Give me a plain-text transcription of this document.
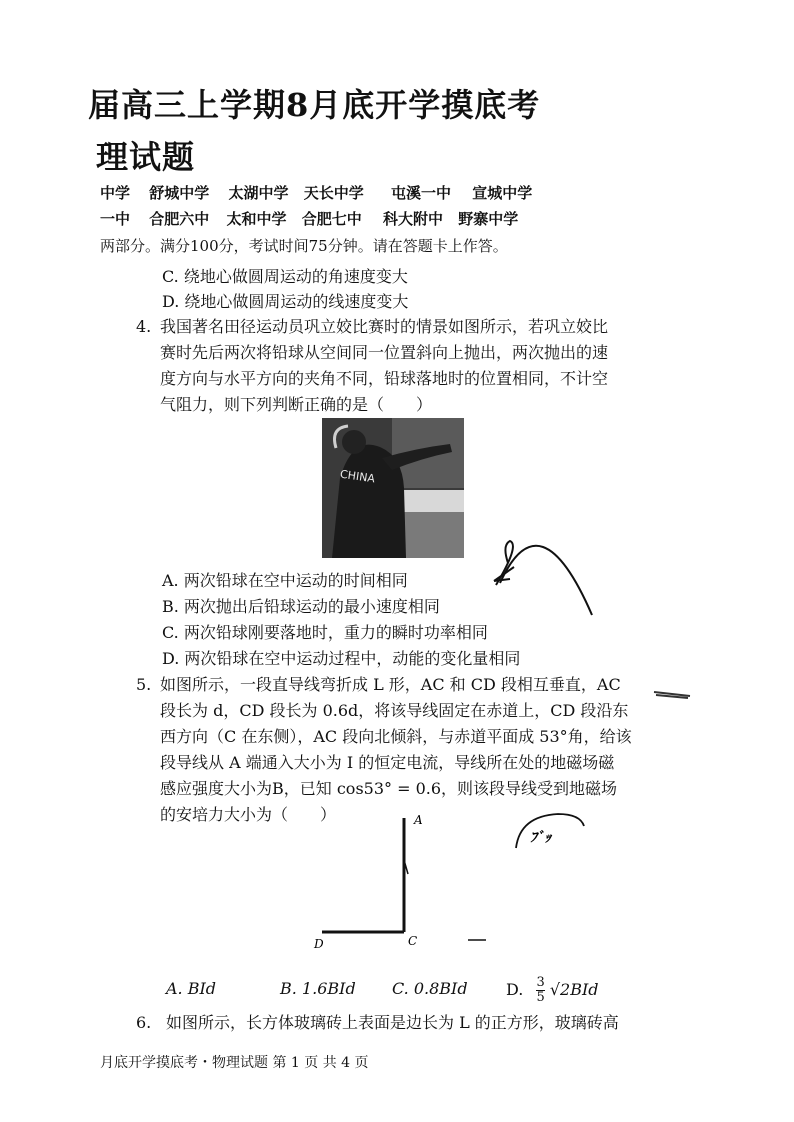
届高三上学期8月底开学摸底考
理试题
中学 舒城中学 太湖中学 天长中学 屯溪一中 宣城中学
一中 合肥六中 太和中学 合肥七中 科大附中 野寨中学
两部分。满分100分，考试时间75分钟。请在答题卡上作答。
C. 绕地心做圆周运动的角速度变大
D. 绕地心做圆周运动的线速度变大
4. 我国著名田径运动员巩立姣比赛时的情景如图所示，若巩立姣比
赛时先后两次将铅球从空间同一位置斜向上抛出，两次抛出的速
度方向与水平方向的夹角不同，铅球落地时的位置相同，不计空
气阻力，则下列判断正确的是（　　）
CHINA
A. 两次铅球在空中运动的时间相同
B. 两次抛出后铅球运动的最小速度相同
C. 两次铅球刚要落地时，重力的瞬时功率相同
D. 两次铅球在空中运动过程中，动能的变化量相同
5. 如图所示，一段直导线弯折成 L 形，AC 和 CD 段相互垂直，AC
段长为 d，CD 段长为 0.6d，将该导线固定在赤道上，CD 段沿东
西方向（C 在东侧），AC 段向北倾斜，与赤道平面成 53°角，给该
段导线从 A 端通入大小为 I 的恒定电流，导线所在处的地磁场磁
感应强度大小为B，已知 cos53° = 0.6，则该段导线受到地磁场
的安培力大小为（　　）	A
C
D
ﾌﾞｯ
A. BId	B. 1.6BId C. 0.8BId D. $\frac{3}{5} √2BId$
6. 如图所示，长方体玻璃砖上表面是边长为 L 的正方形，玻璃砖高
月底开学摸底考・物理试题 第 1 页 共 4 页
